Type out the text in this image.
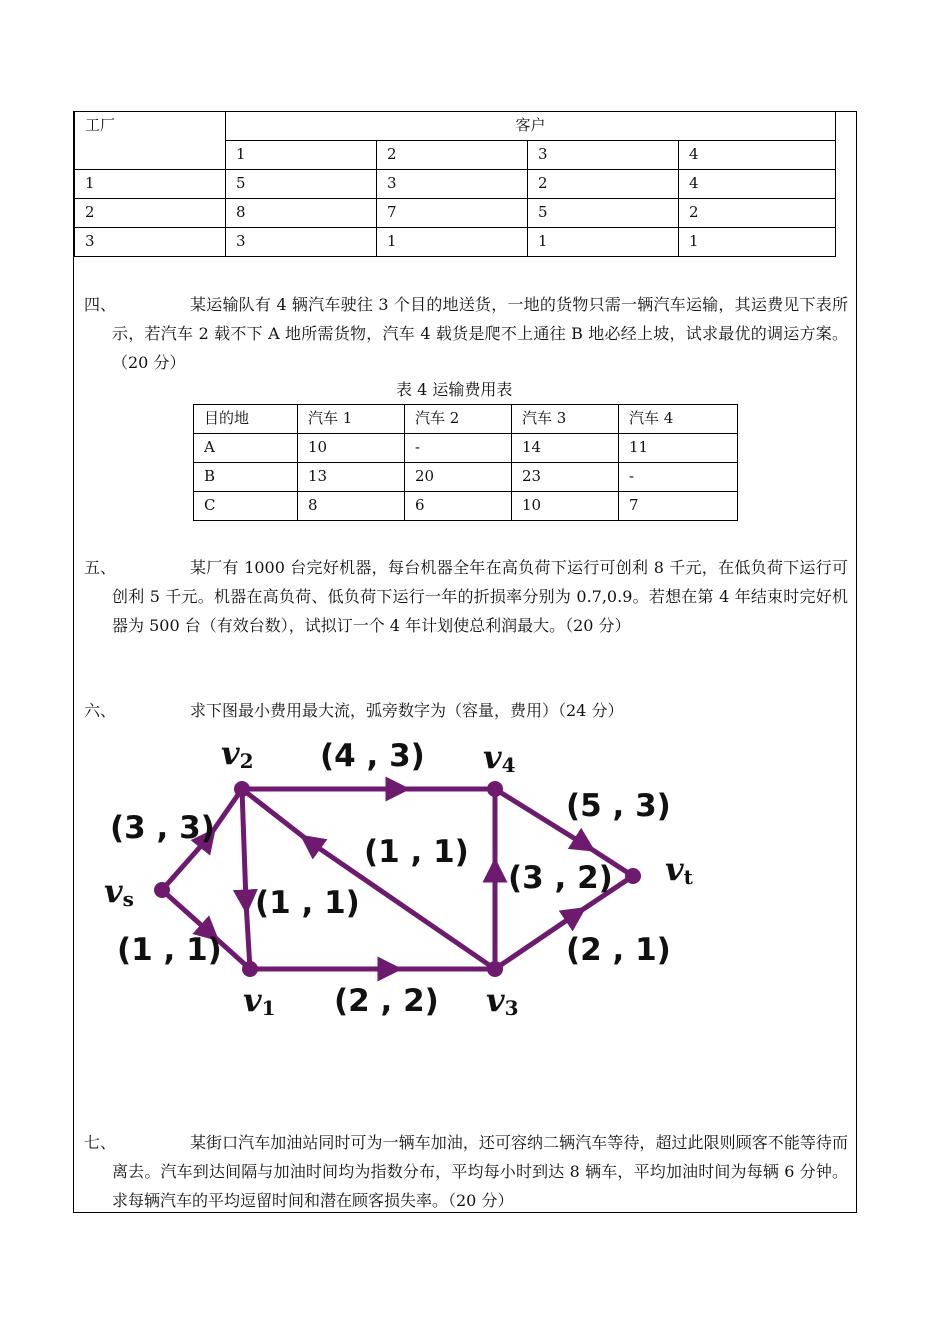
工厂	客户			
	1	2	3	4
1	5	3	2	4
2	8	7	5	2
3	3	1	1	1
四、	某运输队有 4 辆汽车驶往 3 个目的地送货，一地的货物只需一辆汽车运输，其运费见下表所示，若汽车 2 载不下 A 地所需货物，汽车 4 载货是爬不上通往 B 地必经上坡，试求最优的调运方案。（20 分）
表 4 运输费用表
目的地	汽车 1	汽车 2	汽车 3	汽车 4
A	10	-	14	11
B	13	20	23	-
C	8	6	10	7
五、	某厂有 1000 台完好机器，每台机器全年在高负荷下运行可创利 8 千元，在低负荷下运行可创利 5 千元。机器在高负荷、低负荷下运行一年的折损率分别为 0.7,0.9。若想在第 4 年结束时完好机器为 500 台（有效台数），试拟订一个 4 年计划使总利润最大。（20 分）
六、	求下图最小费用最大流，弧旁数字为（容量，费用）（24 分）
vs
v2
v1
v4
v3
vt
(3 , 3)
(1 , 1)
(1 , 1)
(4 , 3)
(1 , 1)
(2 , 2)
(3 , 2)
(5 , 3)
(2 , 1)
七、	某街口汽车加油站同时可为一辆车加油，还可容纳二辆汽车等待，超过此限则顾客不能等待而离去。汽车到达间隔与加油时间均为指数分布，平均每小时到达 8 辆车，平均加油时间为每辆 6 分钟。求每辆汽车的平均逗留时间和潜在顾客损失率。（20 分）
